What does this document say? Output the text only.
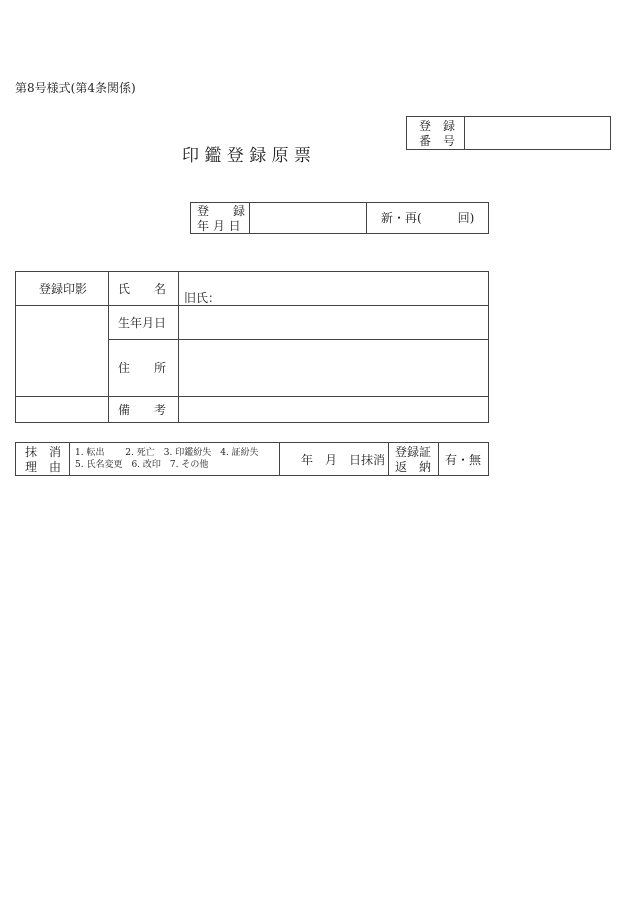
第8号様式(第4条関係)
登　録
番　号
印 鑑 登 録 原 票
登　　録
年 月 日
新・再(　　　回)
登録印影	氏　　名
旧氏：
生年月日
住　　所
備　　考
抹　消
理　由
1. 転出　　 2. 死亡　3. 印鑑紛失　4. 証紛失
5. 氏名変更　6. 改印　7. その他	年　月　日抹消
登録証
返　納 有・無
